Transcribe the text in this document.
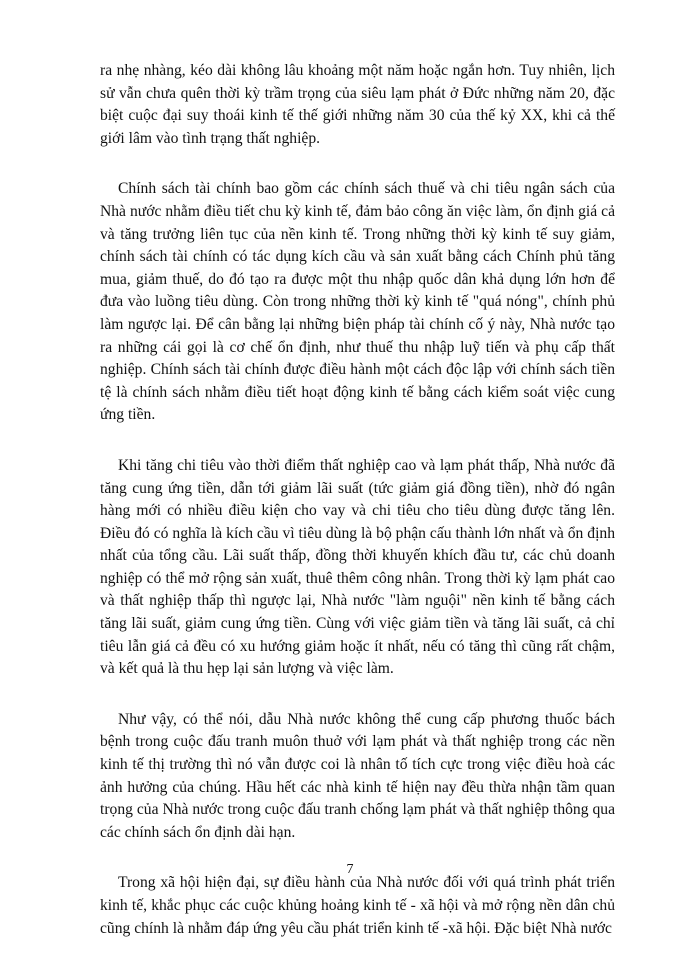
ra nhẹ nhàng, kéo dài không lâu khoảng một năm hoặc ngắn hơn. Tuy nhiên, lịch sử vẫn chưa quên thời kỳ trầm trọng của siêu lạm phát ở Đức những năm 20, đặc biệt cuộc đại suy thoái kinh tế thế giới những năm 30 của thế kỷ XX, khi cả thế giới lâm vào tình trạng thất nghiệp.

Chính sách tài chính bao gồm các chính sách thuế và chi tiêu ngân sách của Nhà nước nhằm điều tiết chu kỳ kinh tế, đảm bảo công ăn việc làm, ổn định giá cả và tăng trưởng liên tục của nền kinh tế. Trong những thời kỳ kinh tế suy giảm, chính sách tài chính có tác dụng kích cầu và sản xuất bằng cách Chính phủ tăng mua, giảm thuế, do đó tạo ra được một thu nhập quốc dân khả dụng lớn hơn để đưa vào luồng tiêu dùng. Còn trong những thời kỳ kinh tế "quá nóng", chính phủ làm ngược lại. Để cân bằng lại những biện pháp tài chính cố ý này, Nhà nước tạo ra những cái gọi là cơ chế ổn định, như thuế thu nhập luỹ tiến và phụ cấp thất nghiệp. Chính sách tài chính được điều hành một cách độc lập với chính sách tiền tệ là chính sách nhằm điều tiết hoạt động kinh tế bằng cách kiểm soát việc cung ứng tiền.

Khi tăng chi tiêu vào thời điểm thất nghiệp cao và lạm phát thấp, Nhà nước đã tăng cung ứng tiền, dẫn tới giảm lãi suất (tức giảm giá đồng tiền), nhờ đó ngân hàng mới có nhiều điều kiện cho vay và chi tiêu cho tiêu dùng được tăng lên. Điều đó có nghĩa là kích cầu vì tiêu dùng là bộ phận cấu thành lớn nhất và ổn định nhất của tổng cầu. Lãi suất thấp, đồng thời khuyến khích đầu tư, các chủ doanh nghiệp có thể mở rộng sản xuất, thuê thêm công nhân. Trong thời kỳ lạm phát cao và thất nghiệp thấp thì ngược lại, Nhà nước "làm nguội" nền kinh tế bằng cách tăng lãi suất, giảm cung ứng tiền. Cùng với việc giảm tiền và tăng lãi suất, cả chỉ tiêu lẫn giá cả đều có xu hướng giảm hoặc ít nhất, nếu có tăng thì cũng rất chậm, và kết quả là thu hẹp lại sản lượng và việc làm.

Như vậy, có thể nói, dẫu Nhà nước không thể cung cấp phương thuốc bách bệnh trong cuộc đấu tranh muôn thuở với lạm phát và thất nghiệp trong các nền kinh tế thị trường thì nó vẫn được coi là nhân tố tích cực trong việc điều hoà các ảnh hưởng của chúng. Hầu hết các nhà kinh tế hiện nay đều thừa nhận tầm quan trọng của Nhà nước trong cuộc đấu tranh chống lạm phát và thất nghiệp thông qua các chính sách ổn định dài hạn.

Trong xã hội hiện đại, sự điều hành của Nhà nước đối với quá trình phát triển kinh tế, khắc phục các cuộc khủng hoảng kinh tế - xã hội và mở rộng nền dân chủ cũng chính là nhằm đáp ứng yêu cầu phát triển kinh tế -xã hội. Đặc biệt Nhà nước

7
